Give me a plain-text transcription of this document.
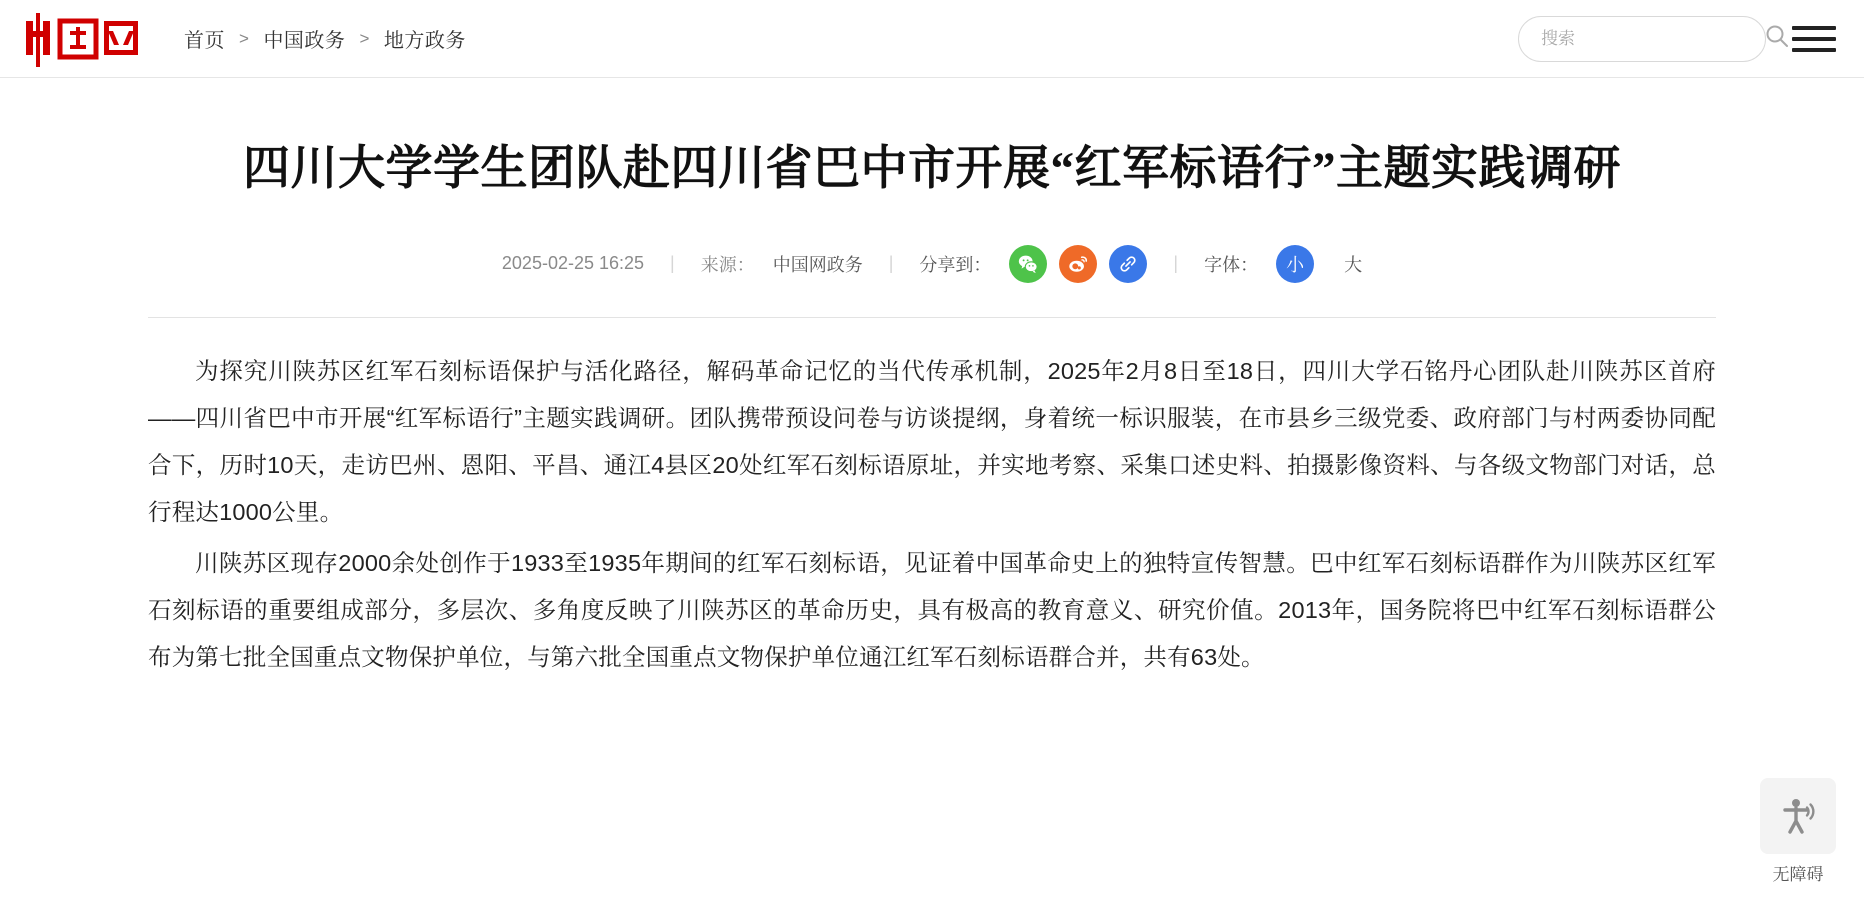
首页 > 中国政务 > 地方政务
搜索
四川大学学生团队赴四川省巴中市开展“红军标语行”主题实践调研
2025-02-25 16:25	|	来源： 中国网政务	|	分享到：	|	字体：	小	大

为探究川陕苏区红军石刻标语保护与活化路径，解码革命记忆的当代传承机制，2025年2月8日至18日，四川大学石铭丹心团队赴川陕苏区首府——四川省巴中市开展“红军标语行”主题实践调研。团队携带预设问卷与访谈提纲，身着统一标识服装，在市县乡三级党委、政府部门与村两委协同配合下，历时10天，走访巴州、恩阳、平昌、通江4县区20处红军石刻标语原址，并实地考察、采集口述史料、拍摄影像资料、与各级文物部门对话，总行程达1000公里。

川陕苏区现存2000余处创作于1933至1935年期间的红军石刻标语，见证着中国革命史上的独特宣传智慧。巴中红军石刻标语群作为川陕苏区红军石刻标语的重要组成部分，多层次、多角度反映了川陕苏区的革命历史，具有极高的教育意义、研究价值。2013年，国务院将巴中红军石刻标语群公布为第七批全国重点文物保护单位，与第六批全国重点文物保护单位通江红军石刻标语群合并，共有63处。

无障碍
